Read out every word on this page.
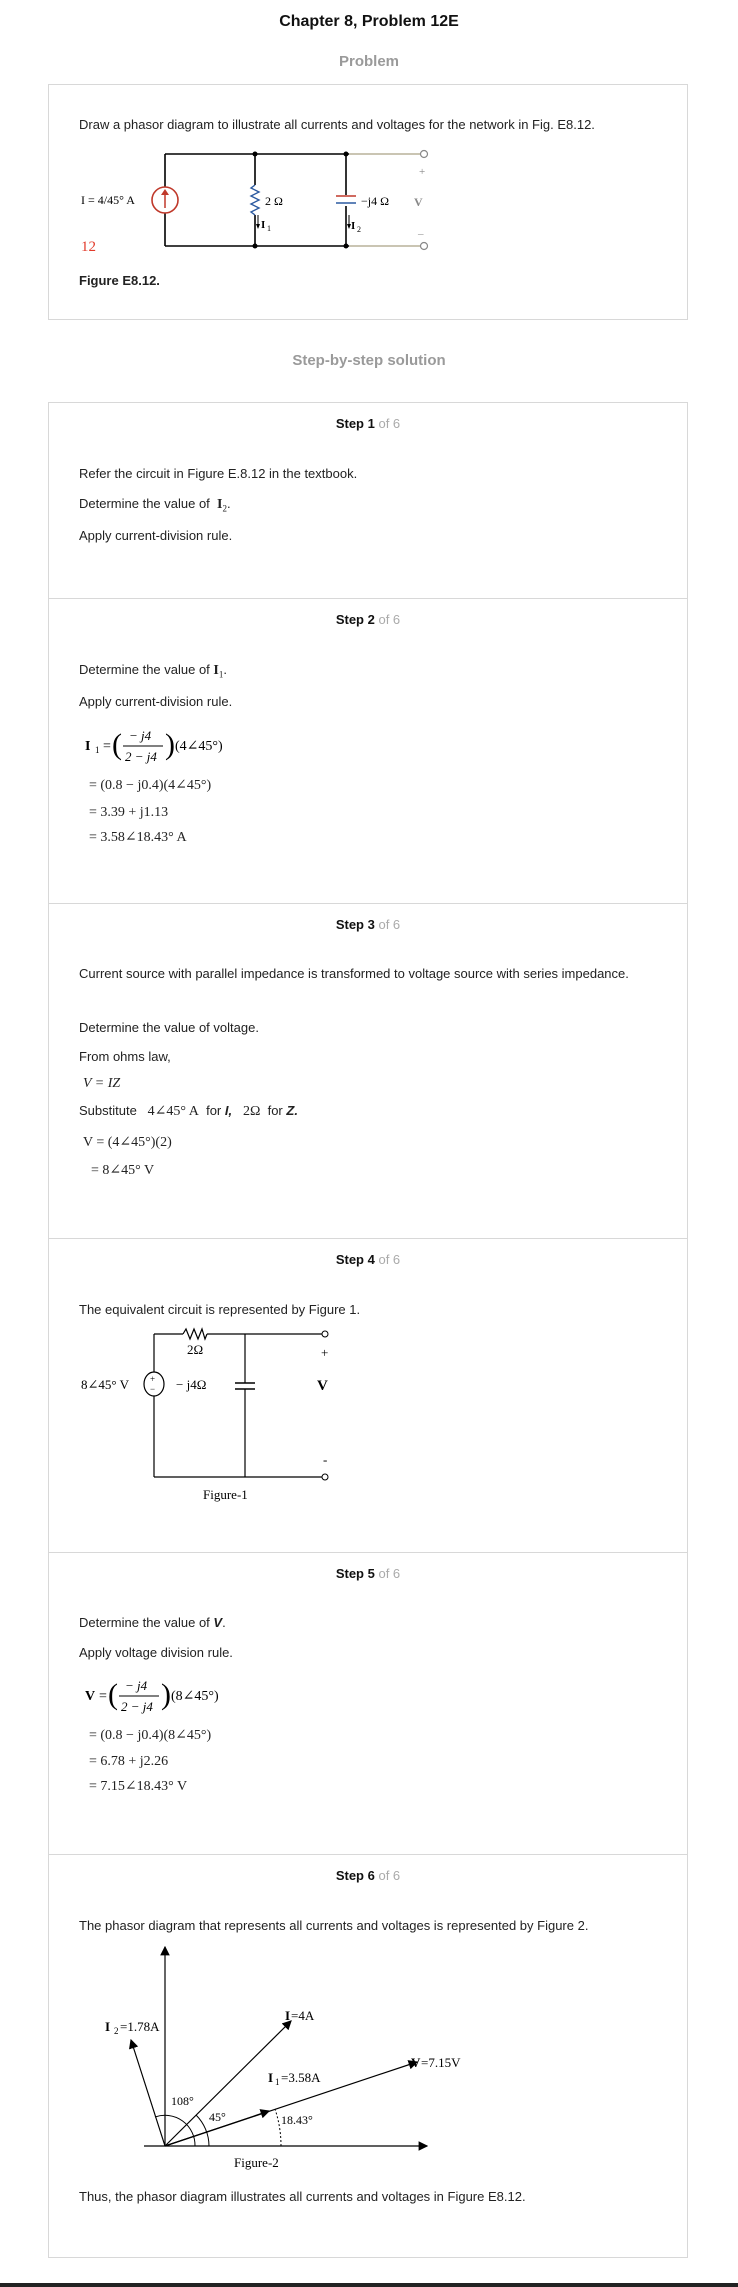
Chapter 8, Problem 12E
Problem
Draw a phasor diagram to illustrate all currents and voltages for the network in Fig. E8.12.
I = 4/45° A	2 Ω
I 1
−j4 Ω
I 2
+
V
–
12
Figure E8.12.
Step-by-step solution
Step 1 of 6
Refer the circuit in Figure E.8.12 in the textbook.
Determine the value of $I_2$.
Apply current-division rule.
Step 2 of 6
Determine the value of $I_1$.
Apply current-division rule.
I 1 = ( − j4
2 − j4 ) (4∠45°)
= (0.8 − j0.4)(4∠45°)
= 3.39 + j1.13
= 3.58∠18.43° A
Step 3 of 6
Current source with parallel impedance is transformed to voltage source with series impedance.
Determine the value of voltage.
From ohms law,
V = IZ
Substitute 4∠45° A for I, 2Ω for Z.
V = (4∠45°)(2)
= 8∠45° V
Step 4 of 6
The equivalent circuit is represented by Figure 1.
+
−
8∠45° V
2Ω
− j4Ω
+
V
-
Figure-1
Step 5 of 6
Determine the value of V.
Apply voltage division rule.
V = ( − j4
2 − j4 ) (8∠45°)
= (0.8 − j0.4)(8∠45°)
= 6.78 + j2.26
= 7.15∠18.43° V
Step 6 of 6
The phasor diagram that represents all currents and voltages is represented by Figure 2.
I 2 =1.78A
I =4A
V =7.15V
I 1 =3.58A
108°
45°	18.43°
Figure-2
Thus, the phasor diagram illustrates all currents and voltages in Figure E8.12.
